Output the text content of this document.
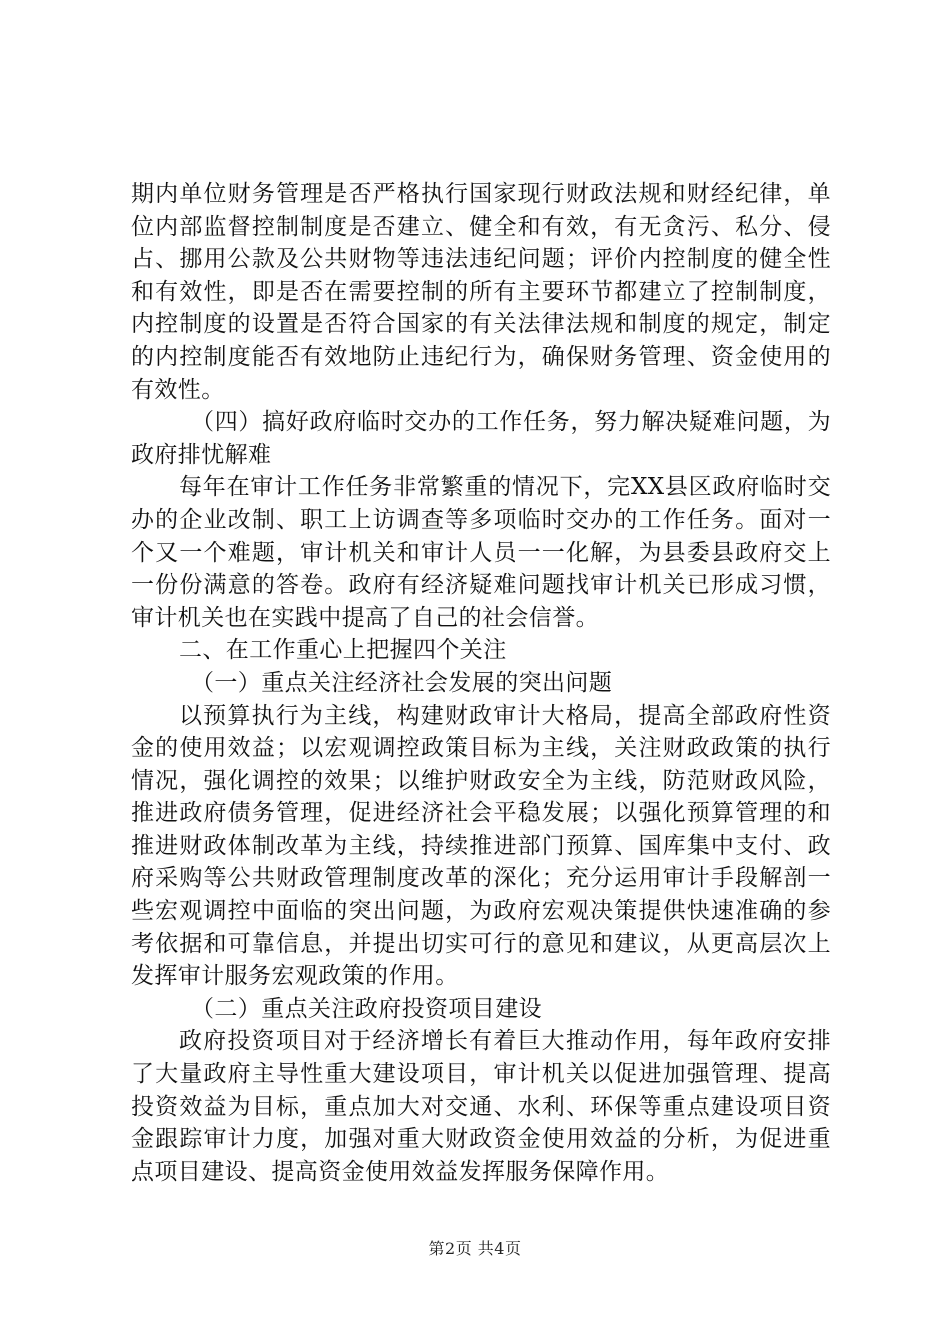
期内单位财务管理是否严格执行国家现行财政法规和财经纪律，单位内部监督控制制度是否建立、健全和有效，有无贪污、私分、侵占、挪用公款及公共财物等违法违纪问题；评价内控制度的健全性和有效性，即是否在需要控制的所有主要环节都建立了控制制度，内控制度的设置是否符合国家的有关法律法规和制度的规定，制定的内控制度能否有效地防止违纪行为，确保财务管理、资金使用的有效性。

（四）搞好政府临时交办的工作任务，努力解决疑难问题，为政府排忧解难

每年在审计工作任务非常繁重的情况下，完XX县区政府临时交办的企业改制、职工上访调查等多项临时交办的工作任务。面对一个又一个难题，审计机关和审计人员一一化解，为县委县政府交上一份份满意的答卷。政府有经济疑难问题找审计机关已形成习惯，审计机关也在实践中提高了自己的社会信誉。

二、在工作重心上把握四个关注

（一）重点关注经济社会发展的突出问题

以预算执行为主线，构建财政审计大格局，提高全部政府性资金的使用效益；以宏观调控政策目标为主线，关注财政政策的执行情况，强化调控的效果；以维护财政安全为主线，防范财政风险，推进政府债务管理，促进经济社会平稳发展；以强化预算管理的和推进财政体制改革为主线，持续推进部门预算、国库集中支付、政府采购等公共财政管理制度改革的深化；充分运用审计手段解剖一些宏观调控中面临的突出问题，为政府宏观决策提供快速准确的参考依据和可靠信息，并提出切实可行的意见和建议，从更高层次上发挥审计服务宏观政策的作用。

（二）重点关注政府投资项目建设

政府投资项目对于经济增长有着巨大推动作用，每年政府安排了大量政府主导性重大建设项目，审计机关以促进加强管理、提高投资效益为目标，重点加大对交通、水利、环保等重点建设项目资金跟踪审计力度，加强对重大财政资金使用效益的分析，为促进重点项目建设、提高资金使用效益发挥服务保障作用。

第2页 共4页
